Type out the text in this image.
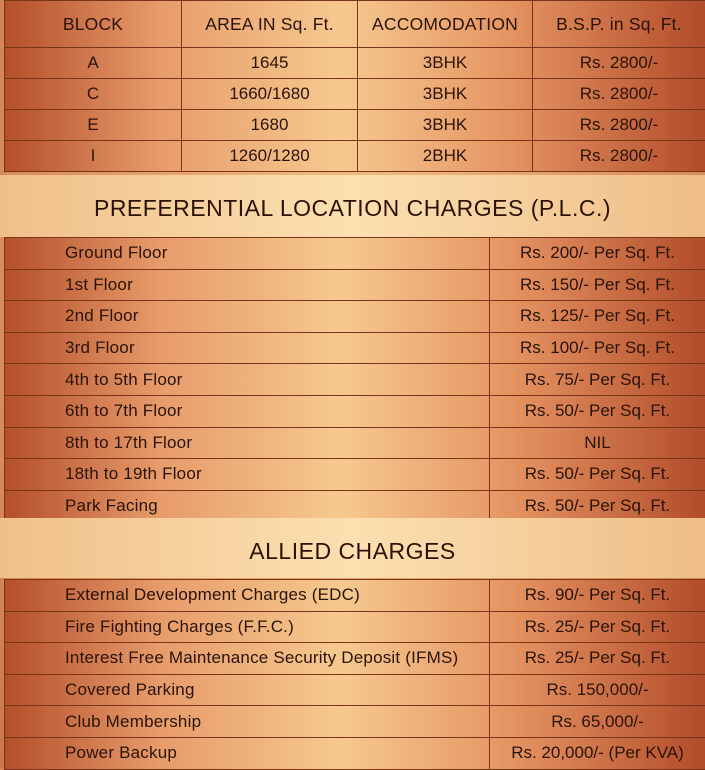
BLOCK	AREA IN Sq. Ft.	ACCOMODATION	B.S.P. in Sq. Ft.
A	1645	3BHK	Rs. 2800/-
C	1660/1680	3BHK	Rs. 2800/-
E	1680	3BHK	Rs. 2800/-
I	1260/1280	2BHK	Rs. 2800/-
PREFERENTIAL LOCATION CHARGES (P.L.C.)
Ground Floor	Rs. 200/- Per Sq. Ft.
1st Floor	Rs. 150/- Per Sq. Ft.
2nd Floor	Rs. 125/- Per Sq. Ft.
3rd Floor	Rs. 100/- Per Sq. Ft.
4th to 5th Floor	Rs. 75/- Per Sq. Ft.
6th to 7th Floor	Rs. 50/- Per Sq. Ft.
8th to 17th Floor	NIL
18th to 19th Floor	Rs. 50/- Per Sq. Ft.
Park Facing	Rs. 50/- Per Sq. Ft.
ALLIED CHARGES
External Development Charges (EDC)	Rs. 90/- Per Sq. Ft.
Fire Fighting Charges (F.F.C.)	Rs. 25/- Per Sq. Ft.
Interest Free Maintenance Security Deposit (IFMS)	Rs. 25/- Per Sq. Ft.
Covered Parking	Rs. 150,000/-
Club Membership	Rs. 65,000/-
Power Backup	Rs. 20,000/- (Per KVA)
